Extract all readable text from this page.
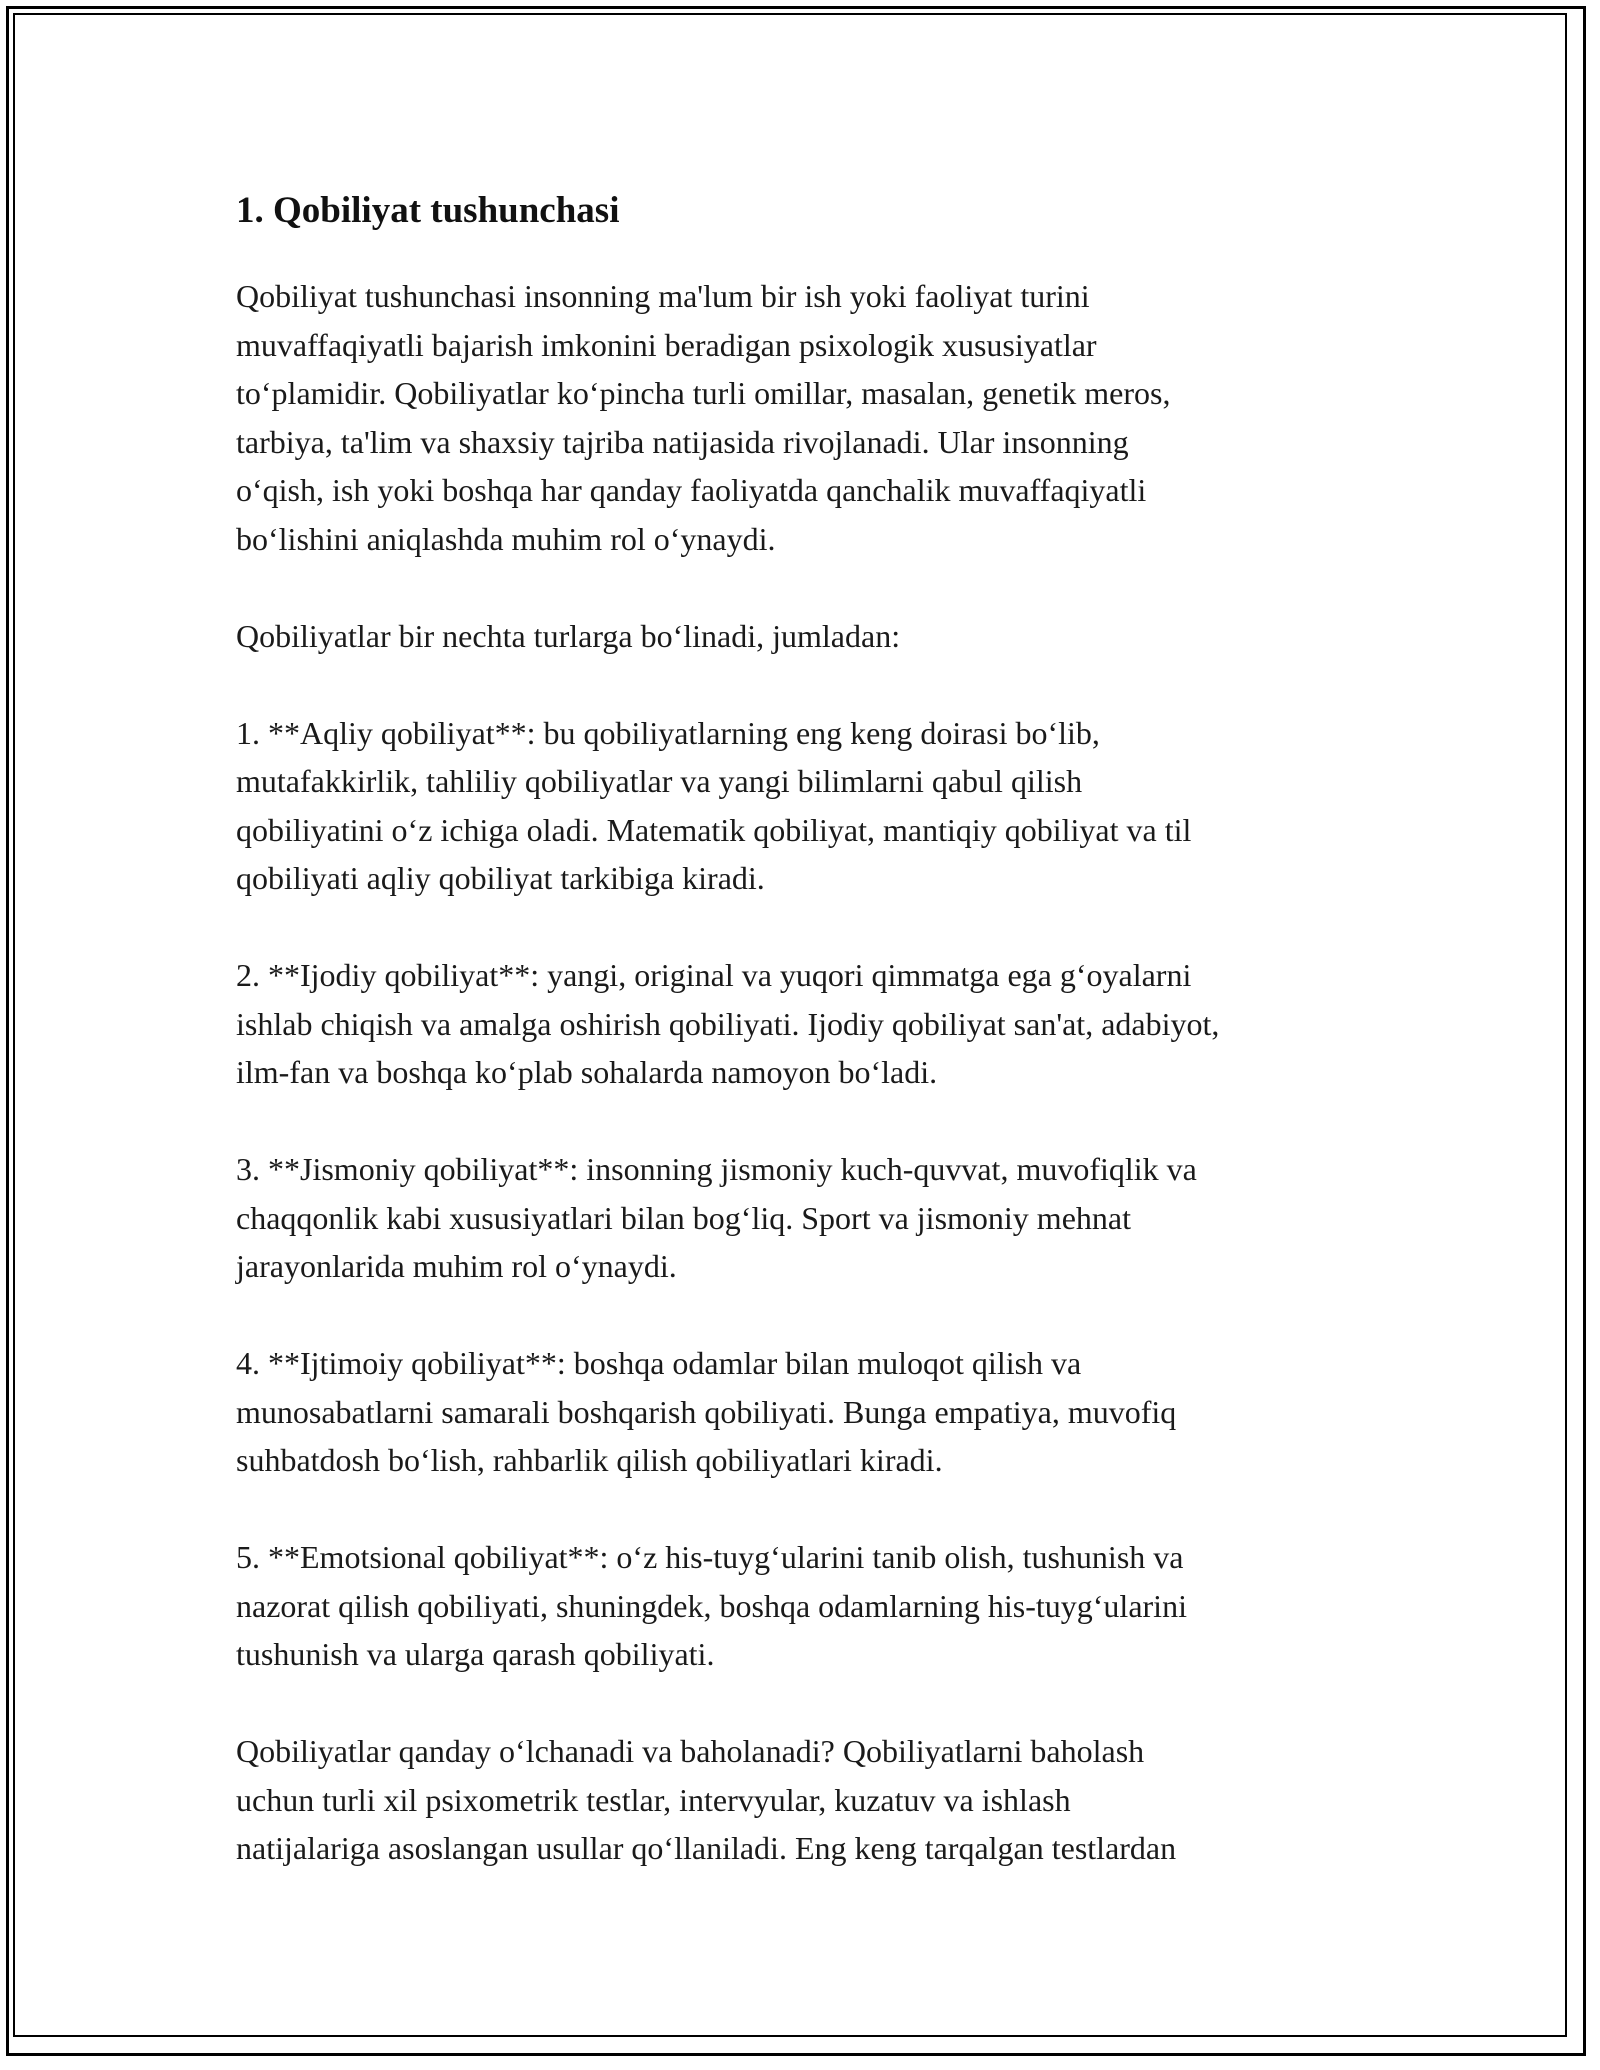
1. Qobiliyat tushunchasi
Qobiliyat tushunchasi insonning ma'lum bir ish yoki faoliyat turini
muvaffaqiyatli bajarish imkonini beradigan psixologik xususiyatlar
to‘plamidir. Qobiliyatlar ko‘pincha turli omillar, masalan, genetik meros,
tarbiya, ta'lim va shaxsiy tajriba natijasida rivojlanadi. Ular insonning
o‘qish, ish yoki boshqa har qanday faoliyatda qanchalik muvaffaqiyatli
bo‘lishini aniqlashda muhim rol o‘ynaydi.
Qobiliyatlar bir nechta turlarga bo‘linadi, jumladan:
1. **Aqliy qobiliyat**: bu qobiliyatlarning eng keng doirasi bo‘lib,
mutafakkirlik, tahliliy qobiliyatlar va yangi bilimlarni qabul qilish
qobiliyatini o‘z ichiga oladi. Matematik qobiliyat, mantiqiy qobiliyat va til
qobiliyati aqliy qobiliyat tarkibiga kiradi.
2. **Ijodiy qobiliyat**: yangi, original va yuqori qimmatga ega g‘oyalarni
ishlab chiqish va amalga oshirish qobiliyati. Ijodiy qobiliyat san'at, adabiyot,
ilm-fan va boshqa ko‘plab sohalarda namoyon bo‘ladi.
3. **Jismoniy qobiliyat**: insonning jismoniy kuch-quvvat, muvofiqlik va
chaqqonlik kabi xususiyatlari bilan bog‘liq. Sport va jismoniy mehnat
jarayonlarida muhim rol o‘ynaydi.
4. **Ijtimoiy qobiliyat**: boshqa odamlar bilan muloqot qilish va
munosabatlarni samarali boshqarish qobiliyati. Bunga empatiya, muvofiq
suhbatdosh bo‘lish, rahbarlik qilish qobiliyatlari kiradi.
5. **Emotsional qobiliyat**: o‘z his-tuyg‘ularini tanib olish, tushunish va
nazorat qilish qobiliyati, shuningdek, boshqa odamlarning his-tuyg‘ularini
tushunish va ularga qarash qobiliyati.
Qobiliyatlar qanday o‘lchanadi va baholanadi? Qobiliyatlarni baholash
uchun turli xil psixometrik testlar, intervyular, kuzatuv va ishlash
natijalariga asoslangan usullar qo‘llaniladi. Eng keng tarqalgan testlardan
